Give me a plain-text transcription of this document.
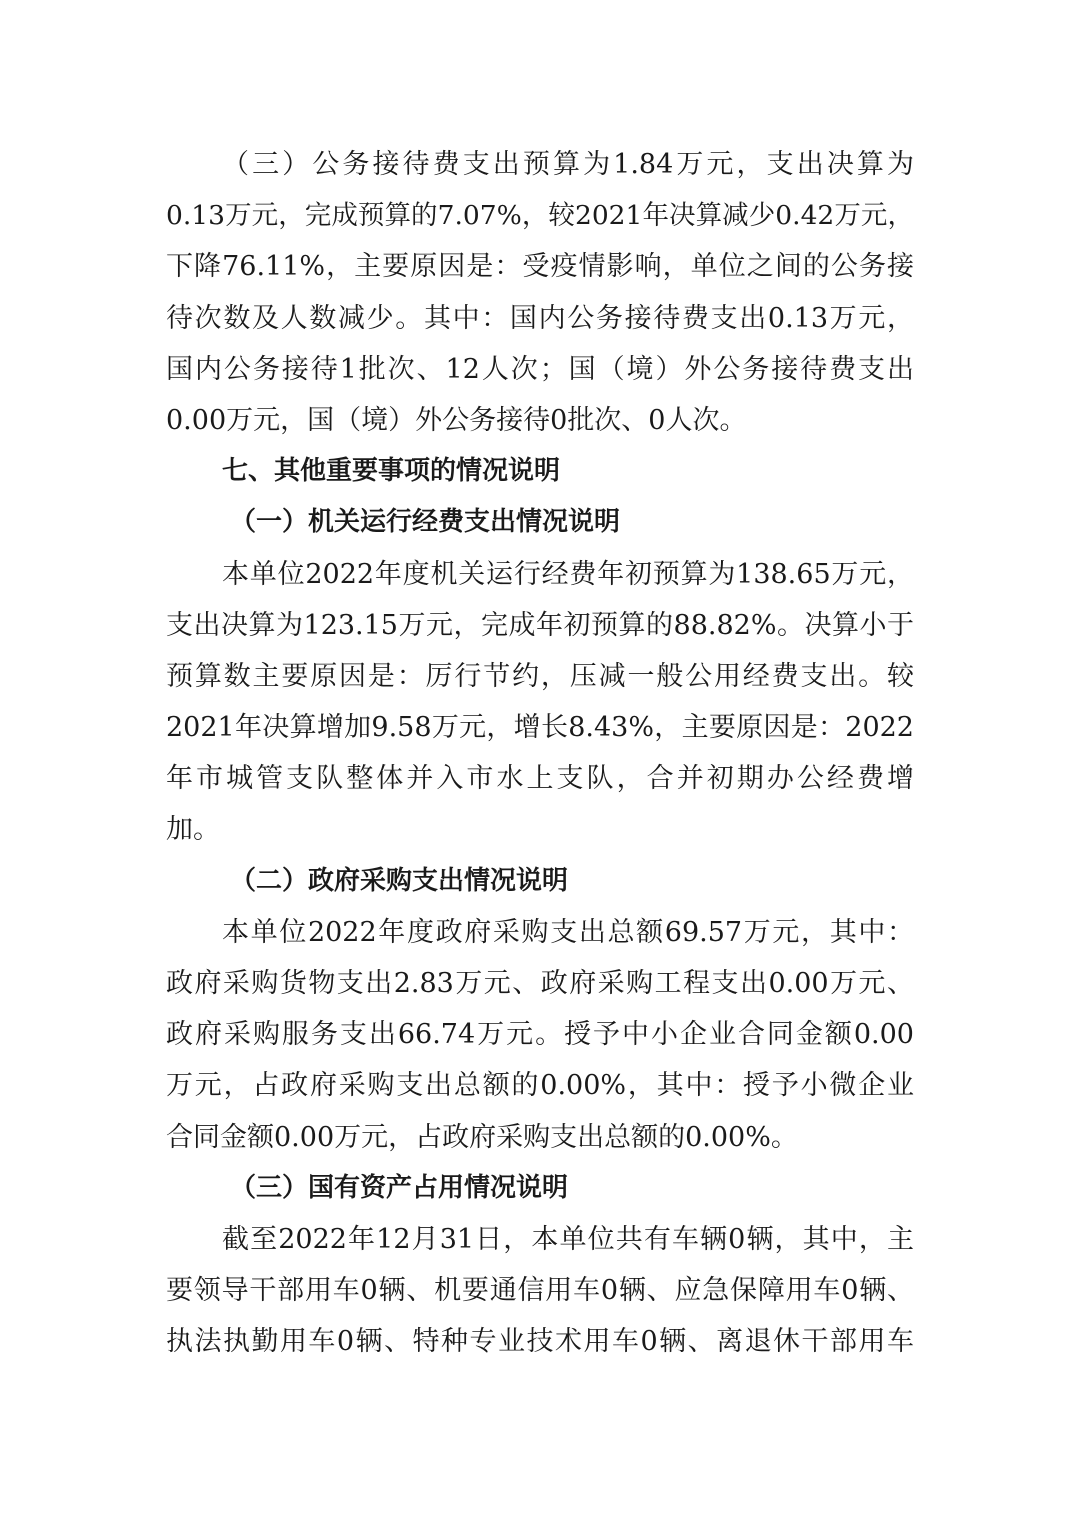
（三）公务接待费支出预算为1.84万元，支出决算为
0.13万元，完成预算的7.07%，较2021年决算减少0.42万元，
下降76.11%，主要原因是：受疫情影响，单位之间的公务接
待次数及人数减少。其中：国内公务接待费支出0.13万元，
国内公务接待1批次、12人次；国（境）外公务接待费支出
0.00万元，国（境）外公务接待0批次、0人次。
七、其他重要事项的情况说明
（一）机关运行经费支出情况说明
本单位2022年度机关运行经费年初预算为138.65万元，
支出决算为123.15万元，完成年初预算的88.82%。决算小于
预算数主要原因是：厉行节约，压减一般公用经费支出。较
2021年决算增加9.58万元，增长8.43%，主要原因是：2022
年市城管支队整体并入市水上支队，合并初期办公经费增
加。
（二）政府采购支出情况说明
本单位2022年度政府采购支出总额69.57万元，其中：
政府采购货物支出2.83万元、政府采购工程支出0.00万元、
政府采购服务支出66.74万元。授予中小企业合同金额0.00
万元，占政府采购支出总额的0.00%，其中：授予小微企业
合同金额0.00万元，占政府采购支出总额的0.00%。
（三）国有资产占用情况说明
截至2022年12月31日，本单位共有车辆0辆，其中，主
要领导干部用车0辆、机要通信用车0辆、应急保障用车0辆、
执法执勤用车0辆、特种专业技术用车0辆、离退休干部用车
